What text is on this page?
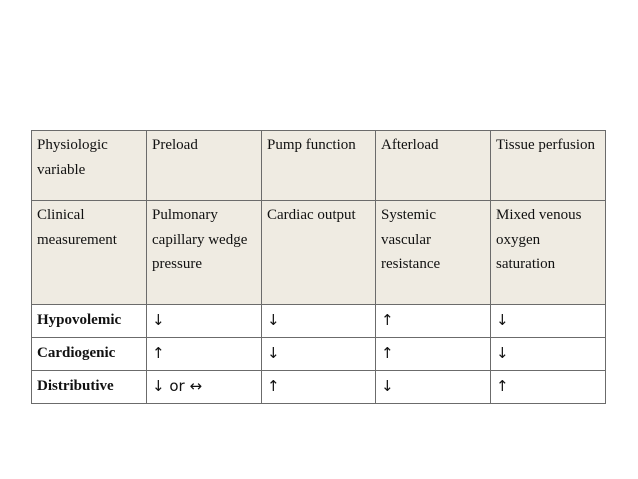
Physiologic variable	Preload	Pump function	Afterload	Tissue perfusion
Clinical measurement	Pulmonary capillary wedge pressure	Cardiac output	Systemic vascular resistance	Mixed venous oxygen saturation
Hypovolemic	↓	↓	↑	↓
Cardiogenic	↑	↓	↑	↓
Distributive	↓ or ↔	↑	↓	↑
